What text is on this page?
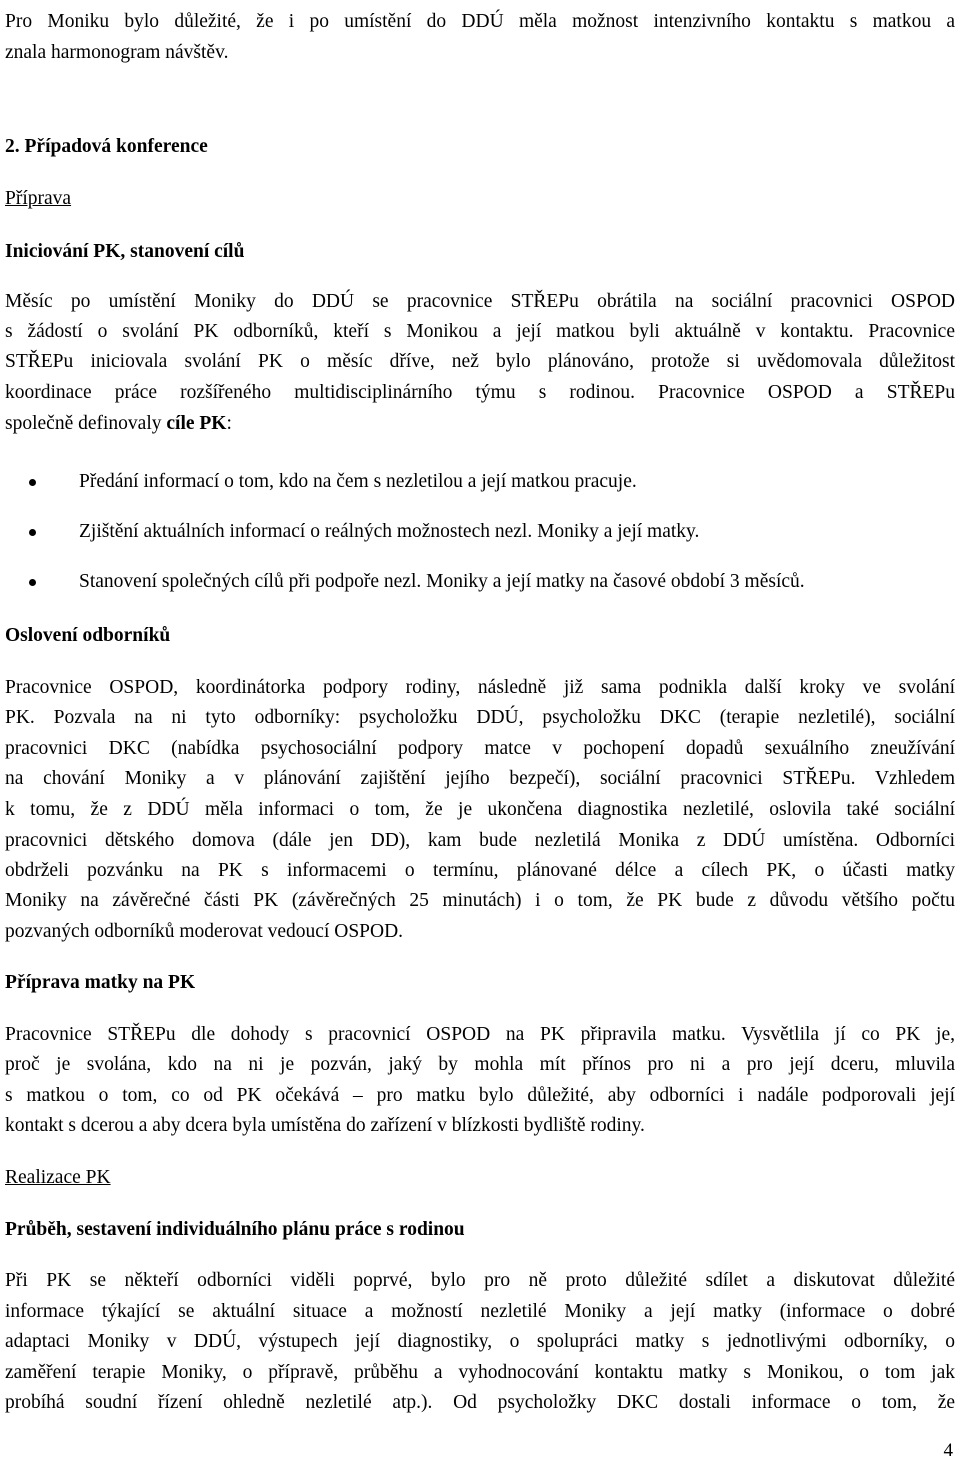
Pro Moniku bylo důležité, že i po umístění do DDÚ měla možnost intenzivního kontaktu s matkou a
znala harmonogram návštěv.
2. Případová konference
Příprava
Iniciování PK, stanovení cílů
Měsíc po umístění Moniky do DDÚ se pracovnice STŘEPu obrátila na sociální pracovnici OSPOD
s žádostí o svolání PK odborníků, kteří s Monikou a její matkou byli aktuálně v kontaktu. Pracovnice
STŘEPu iniciovala svolání PK o měsíc dříve, než bylo plánováno, protože si uvědomovala důležitost
koordinace práce rozšířeného multidisciplinárního týmu s rodinou. Pracovnice OSPOD a STŘEPu
společně definovaly cíle PK:
Předání informací o tom, kdo na čem s nezletilou a její matkou pracuje.
Zjištění aktuálních informací o reálných možnostech nezl. Moniky a její matky.
Stanovení společných cílů při podpoře nezl. Moniky a její matky na časové období 3 měsíců.
Oslovení odborníků
Pracovnice OSPOD, koordinátorka podpory rodiny, následně již sama podnikla další kroky ve svolání
PK. Pozvala na ni tyto odborníky: psycholožku DDÚ, psycholožku DKC (terapie nezletilé), sociální
pracovnici DKC (nabídka psychosociální podpory matce v pochopení dopadů sexuálního zneužívání
na chování Moniky a v plánování zajištění jejího bezpečí), sociální pracovnici STŘEPu. Vzhledem
k tomu, že z DDÚ měla informaci o tom, že je ukončena diagnostika nezletilé, oslovila také sociální
pracovnici dětského domova (dále jen DD), kam bude nezletilá Monika z DDÚ umístěna. Odborníci
obdrželi pozvánku na PK s informacemi o termínu, plánované délce a cílech PK, o účasti matky
Moniky na závěrečné části PK (závěrečných 25 minutách) i o tom, že PK bude z důvodu většího počtu
pozvaných odborníků moderovat vedoucí OSPOD.
Příprava matky na PK
Pracovnice STŘEPu dle dohody s pracovnicí OSPOD na PK připravila matku. Vysvětlila jí co PK je,
proč je svolána, kdo na ni je pozván, jaký by mohla mít přínos pro ni a pro její dceru, mluvila
s matkou o tom, co od PK očekává – pro matku bylo důležité, aby odborníci i nadále podporovali její
kontakt s dcerou a aby dcera byla umístěna do zařízení v blízkosti bydliště rodiny.
Realizace PK
Průběh, sestavení individuálního plánu práce s rodinou
Při PK se někteří odborníci viděli poprvé, bylo pro ně proto důležité sdílet a diskutovat důležité
informace týkající se aktuální situace a možností nezletilé Moniky a její matky (informace o dobré
adaptaci Moniky v DDÚ, výstupech její diagnostiky, o spolupráci matky s jednotlivými odborníky, o
zaměření terapie Moniky, o přípravě, průběhu a vyhodnocování kontaktu matky s Monikou, o tom jak
probíhá soudní řízení ohledně nezletilé atp.). Od psycholožky DKC dostali informace o tom, že
4
